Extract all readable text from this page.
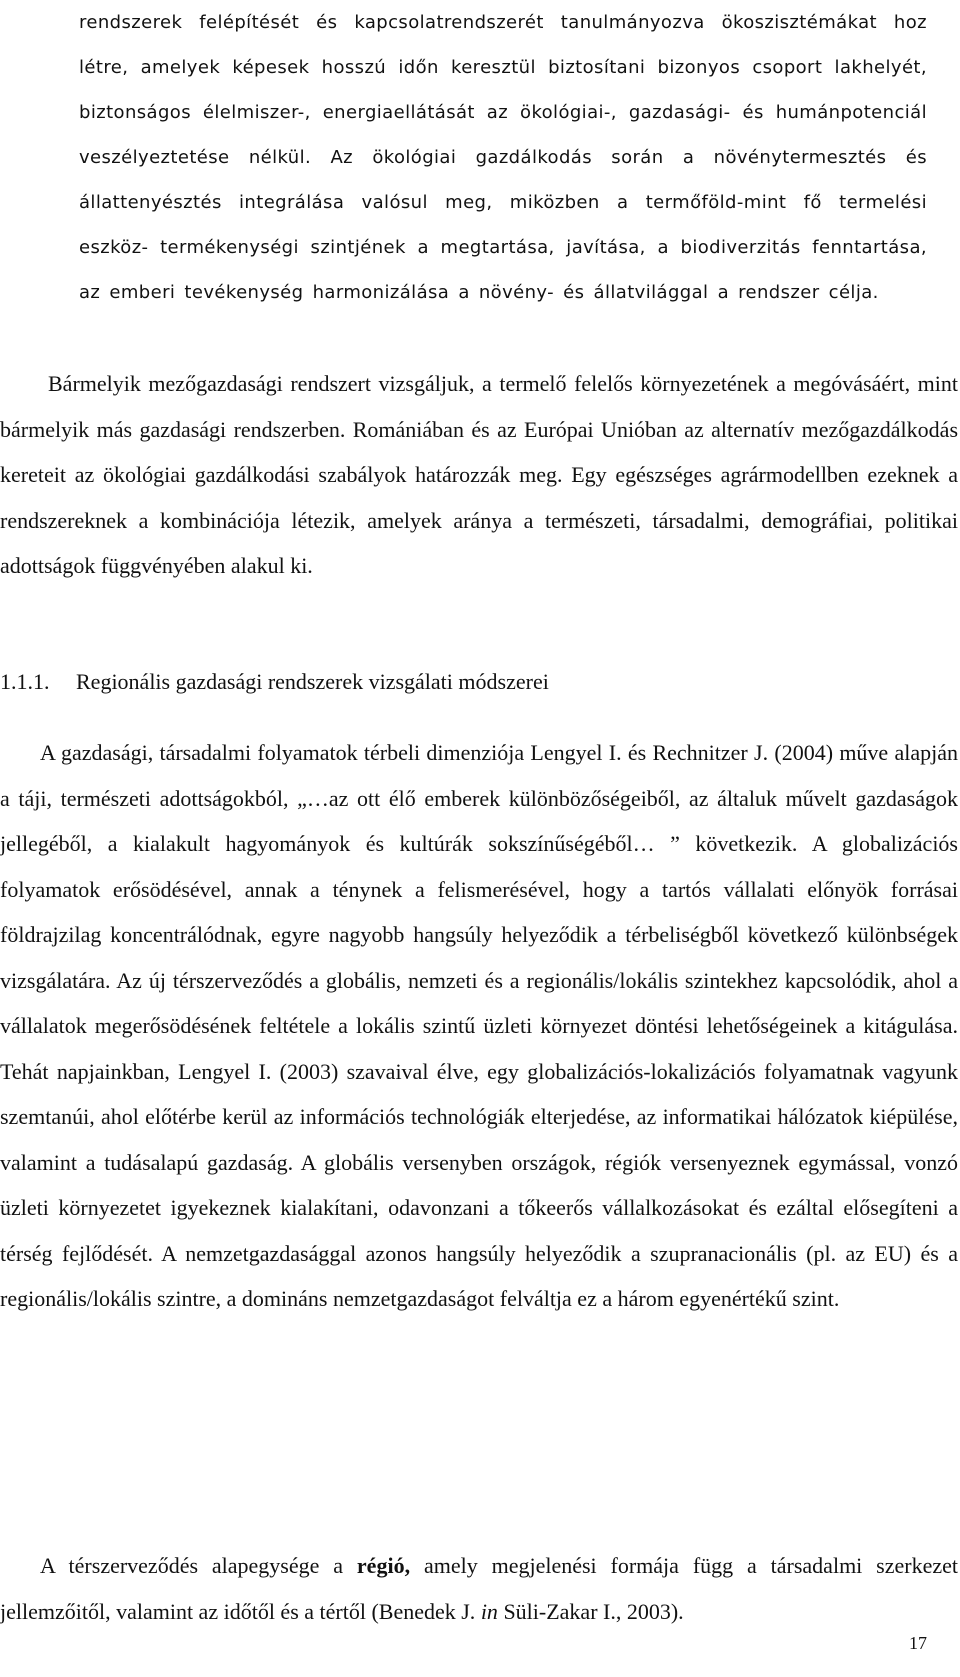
rendszerek felépítését és kapcsolatrendszerét tanulmányozva ökoszisztémákat hoz létre, amelyek képesek hosszú időn keresztül biztosítani bizonyos csoport lakhelyét, biztonságos élelmiszer-, energiaellátását az ökológiai-, gazdasági- és humánpotenciál veszélyeztetése nélkül. Az ökológiai gazdálkodás során a növénytermesztés és állattenyésztés integrálása valósul meg, miközben a termőföld-mint fő termelési eszköz- termékenységi szintjének a megtartása, javítása, a biodiverzitás fenntartása, az emberi tevékenység harmonizálása a növény- és állatvilággal a rendszer célja.
Bármelyik mezőgazdasági rendszert vizsgáljuk, a termelő felelős környezetének a megóvásáért, mint bármelyik más gazdasági rendszerben. Romániában és az Európai Unióban az alternatív mezőgazdálkodás kereteit az ökológiai gazdálkodási szabályok határozzák meg. Egy egészséges agrármodellben ezeknek a rendszereknek a kombinációja létezik, amelyek aránya a természeti, társadalmi, demográfiai, politikai adottságok függvényében alakul ki.
1.1.1. Regionális gazdasági rendszerek vizsgálati módszerei
A gazdasági, társadalmi folyamatok térbeli dimenziója Lengyel I. és Rechnitzer J. (2004) műve alapján a táji, természeti adottságokból, „…az ott élő emberek különbözőségeiből, az általuk művelt gazdaságok jellegéből, a kialakult hagyományok és kultúrák sokszínűségéből… ” következik. A globalizációs folyamatok erősödésével, annak a ténynek a felismerésével, hogy a tartós vállalati előnyök forrásai földrajzilag koncentrálódnak, egyre nagyobb hangsúly helyeződik a térbeliségből következő különbségek vizsgálatára. Az új térszerveződés a globális, nemzeti és a regionális/lokális szintekhez kapcsolódik, ahol a vállalatok megerősödésének feltétele a lokális szintű üzleti környezet döntési lehetőségeinek a kitágulása. Tehát napjainkban, Lengyel I. (2003) szavaival élve, egy globalizációs-lokalizációs folyamatnak vagyunk szemtanúi, ahol előtérbe kerül az információs technológiák elterjedése, az informatikai hálózatok kiépülése, valamint a tudásalapú gazdaság. A globális versenyben országok, régiók versenyeznek egymással, vonzó üzleti környezetet igyekeznek kialakítani, odavonzani a tőkeerős vállalkozásokat és ezáltal elősegíteni a térség fejlődését. A nemzetgazdasággal azonos hangsúly helyeződik a szupranacionális (pl. az EU) és a regionális/lokális szintre, a domináns nemzetgazdaságot felváltja ez a három egyenértékű szint.
A térszerveződés alapegysége a régió, amely megjelenési formája függ a társadalmi szerkezet jellemzőitől, valamint az időtől és a tértől (Benedek J. in Süli-Zakar I., 2003).
17
